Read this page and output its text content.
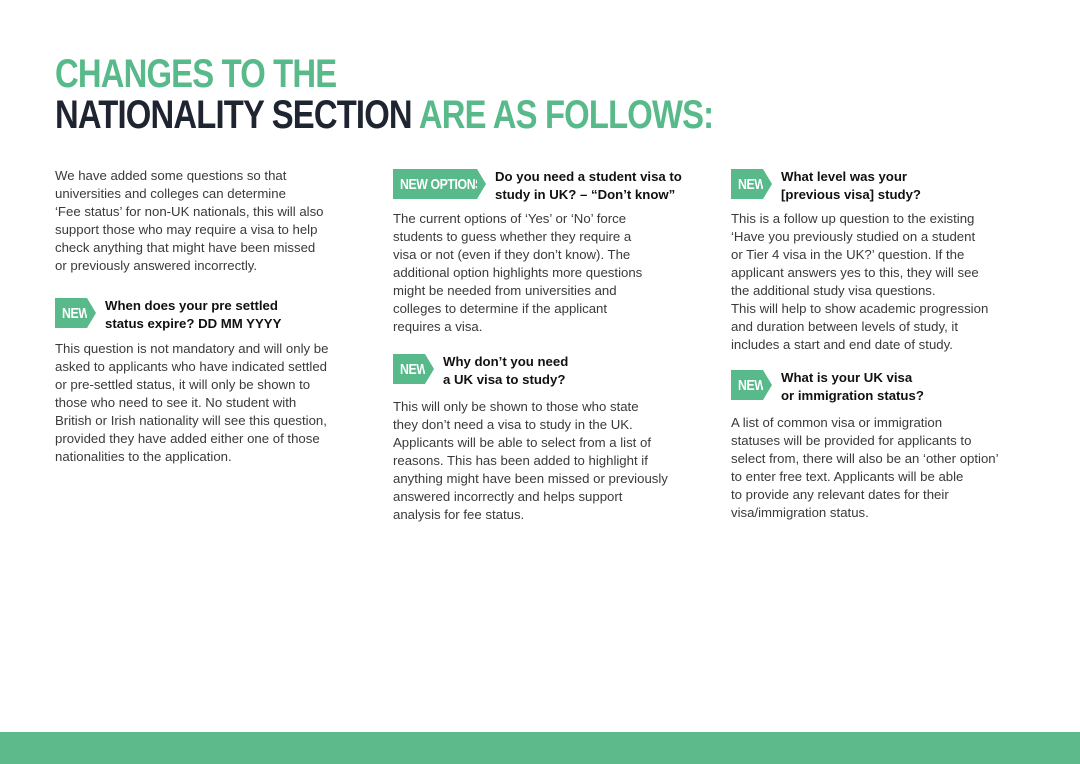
CHANGES TO THE
NATIONALITY SECTION ARE AS FOLLOWS:

We have added some questions so that
universities and colleges can determine
‘Fee status’ for non-UK nationals, this will also
support those who may require a visa to help
check anything that might have been missed
or previously answered incorrectly.

NEW When does your pre settled
status expire? DD MM YYYY

This question is not mandatory and will only be
asked to applicants who have indicated settled
or pre-settled status, it will only be shown to
those who need to see it. No student with
British or Irish nationality will see this question,
provided they have added either one of those
nationalities to the application.

NEW OPTIONS Do you need a student visa to
study in UK? – “Don’t know”

The current options of ‘Yes’ or ‘No’ force
students to guess whether they require a
visa or not (even if they don’t know). The
additional option highlights more questions
might be needed from universities and
colleges to determine if the applicant
requires a visa.

NEW Why don’t you need
a UK visa to study?

This will only be shown to those who state
they don’t need a visa to study in the UK.
Applicants will be able to select from a list of
reasons. This has been added to highlight if
anything might have been missed or previously
answered incorrectly and helps support
analysis for fee status.

NEW What level was your
[previous visa] study?

This is a follow up question to the existing
‘Have you previously studied on a student
or Tier 4 visa in the UK?’ question. If the
applicant answers yes to this, they will see
the additional study visa questions.
This will help to show academic progression
and duration between levels of study, it
includes a start and end date of study.

NEW What is your UK visa
or immigration status?

A list of common visa or immigration
statuses will be provided for applicants to
select from, there will also be an ‘other option’
to enter free text. Applicants will be able
to provide any relevant dates for their
visa/immigration status.
